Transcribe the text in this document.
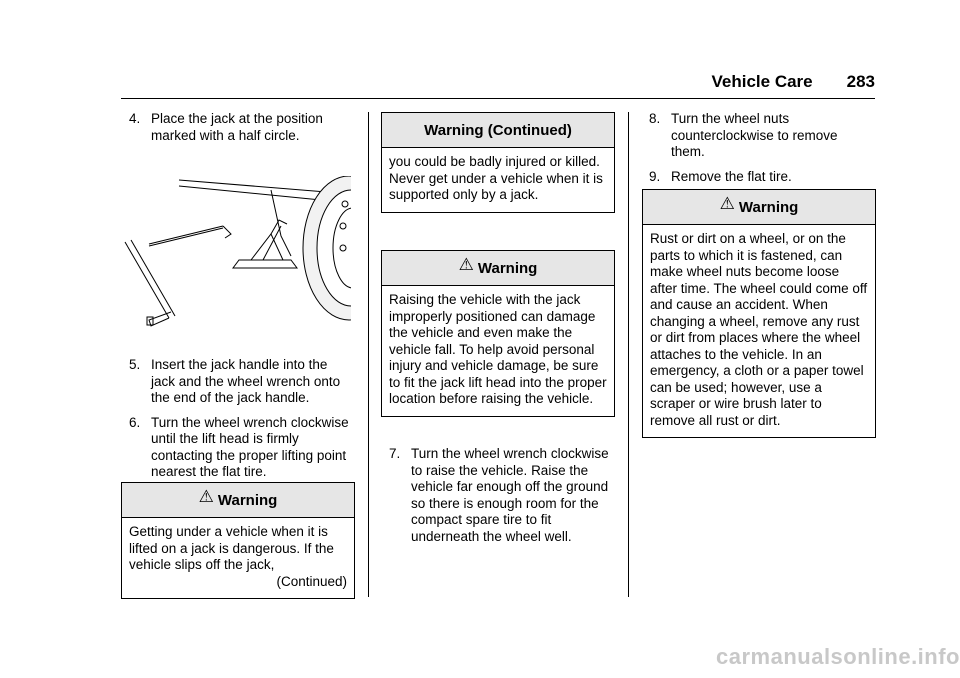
Vehicle Care 283
4. Place the jack at the position marked with a half circle.
5. Insert the jack handle into the jack and the wheel wrench onto the end of the jack handle.
6. Turn the wheel wrench clockwise until the lift head is firmly contacting the proper lifting point nearest the flat tire.
⚠ Warning

Getting under a vehicle when it is lifted on a jack is dangerous. If the vehicle slips off the jack,

(Continued)

Warning (Continued)

you could be badly injured or killed. Never get under a vehicle when it is supported only by a jack.

⚠ Warning

Raising the vehicle with the jack improperly positioned can damage the vehicle and even make the vehicle fall. To help avoid personal injury and vehicle damage, be sure to fit the jack lift head into the proper location before raising the vehicle.

7. Turn the wheel wrench clockwise to raise the vehicle. Raise the vehicle far enough off the ground so there is enough room for the compact spare tire to fit underneath the wheel well.
8. Turn the wheel nuts counterclockwise to remove them.
9. Remove the flat tire.
⚠ Warning

Rust or dirt on a wheel, or on the parts to which it is fastened, can make wheel nuts become loose after time. The wheel could come off and cause an accident. When changing a wheel, remove any rust or dirt from places where the wheel attaches to the vehicle. In an emergency, a cloth or a paper towel can be used; however, use a scraper or wire brush later to remove all rust or dirt.

carmanualsonline.info
